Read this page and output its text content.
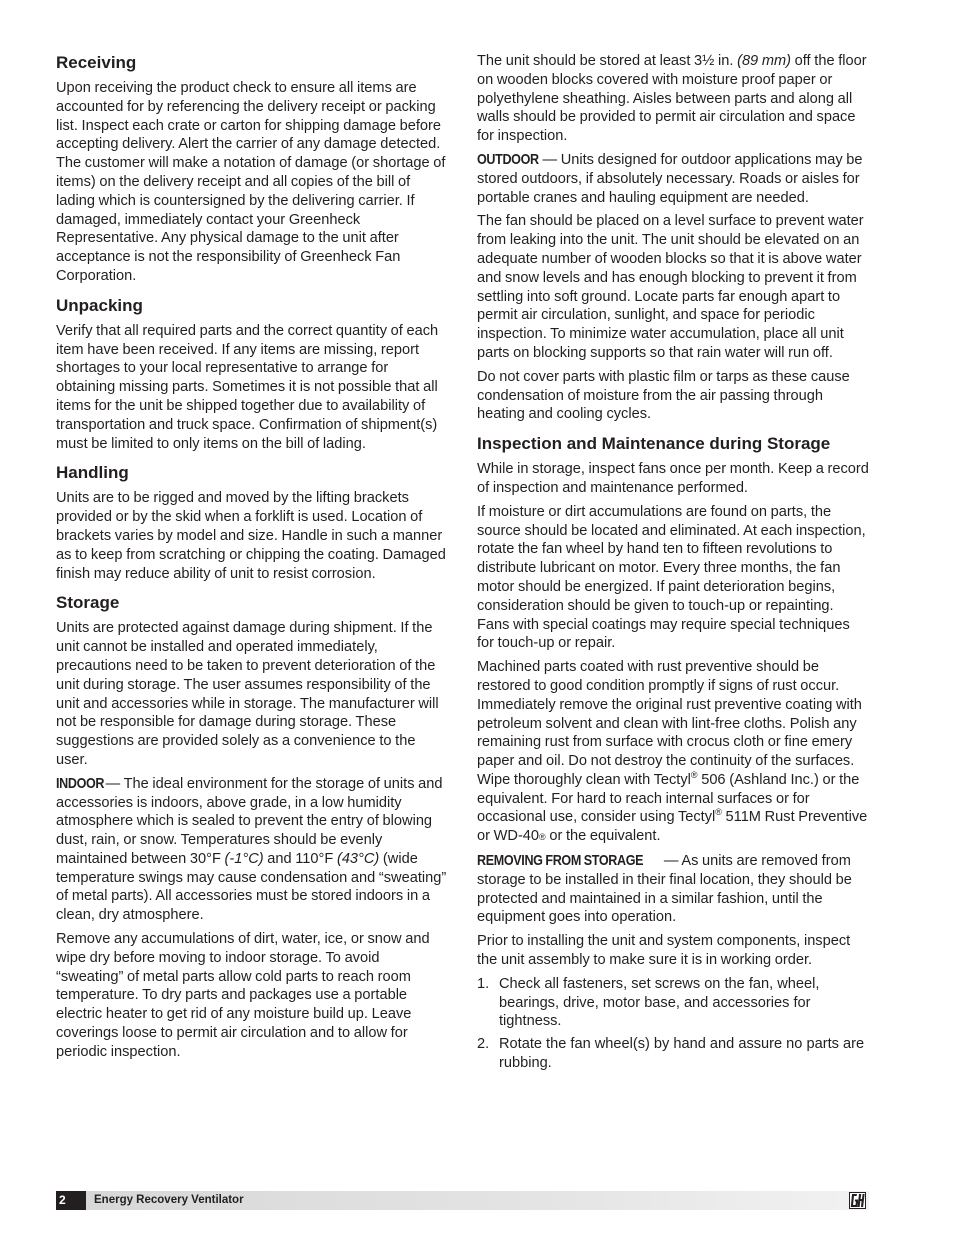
Receiving

Upon receiving the product check to ensure all items are accounted for by referencing the delivery receipt or packing list. Inspect each crate or carton for shipping damage before accepting delivery. Alert the carrier of any damage detected. The customer will make a notation of damage (or shortage of items) on the delivery receipt and all copies of the bill of lading which is countersigned by the delivering carrier. If damaged, immediately contact your Greenheck Representative. Any physical damage to the unit after acceptance is not the responsibility of Greenheck Fan Corporation.

Unpacking

Verify that all required parts and the correct quantity of each item have been received. If any items are missing, report shortages to your local representative to arrange for obtaining missing parts. Sometimes it is not possible that all items for the unit be shipped together due to availability of transportation and truck space. Confirmation of shipment(s) must be limited to only items on the bill of lading.

Handling

Units are to be rigged and moved by the lifting brackets provided or by the skid when a forklift is used. Location of brackets varies by model and size. Handle in such a manner as to keep from scratching or chipping the coating. Damaged finish may reduce ability of unit to resist corrosion.

Storage

Units are protected against damage during shipment. If the unit cannot be installed and operated immediately, precautions need to be taken to prevent deterioration of the unit during storage. The user assumes responsibility of the unit and accessories while in storage. The manufacturer will not be responsible for damage during storage. These suggestions are provided solely as a convenience to the user.

INDOOR — The ideal environment for the storage of units and accessories is indoors, above grade, in a low humidity atmosphere which is sealed to prevent the entry of blowing dust, rain, or snow. Temperatures should be evenly maintained between 30°F (-1°C) and 110°F (43°C) (wide temperature swings may cause condensation and “sweating” of metal parts). All accessories must be stored indoors in a clean, dry atmosphere.

Remove any accumulations of dirt, water, ice, or snow and wipe dry before moving to indoor storage. To avoid “sweating” of metal parts allow cold parts to reach room temperature. To dry parts and packages use a portable electric heater to get rid of any moisture build up. Leave coverings loose to permit air circulation and to allow for periodic inspection.

The unit should be stored at least 3½ in. (89 mm) off the floor on wooden blocks covered with moisture proof paper or polyethylene sheathing. Aisles between parts and along all walls should be provided to permit air circulation and space for inspection.

OUTDOOR — Units designed for outdoor applications may be stored outdoors, if absolutely necessary. Roads or aisles for portable cranes and hauling equipment are needed.

The fan should be placed on a level surface to prevent water from leaking into the unit. The unit should be elevated on an adequate number of wooden blocks so that it is above water and snow levels and has enough blocking to prevent it from settling into soft ground. Locate parts far enough apart to permit air circulation, sunlight, and space for periodic inspection. To minimize water accumulation, place all unit parts on blocking supports so that rain water will run off.

Do not cover parts with plastic film or tarps as these cause condensation of moisture from the air passing through heating and cooling cycles.

Inspection and Maintenance during Storage

While in storage, inspect fans once per month. Keep a record of inspection and maintenance performed.

If moisture or dirt accumulations are found on parts, the source should be located and eliminated. At each inspection, rotate the fan wheel by hand ten to fifteen revolutions to distribute lubricant on motor. Every three months, the fan motor should be energized. If paint deterioration begins, consideration should be given to touch-up or repainting. Fans with special coatings may require special techniques for touch-up or repair.

Machined parts coated with rust preventive should be restored to good condition promptly if signs of rust occur. Immediately remove the original rust preventive coating with petroleum solvent and clean with lint-free cloths. Polish any remaining rust from surface with crocus cloth or fine emery paper and oil. Do not destroy the continuity of the surfaces. Wipe thoroughly clean with Tectyl® 506 (Ashland Inc.) or the equivalent. For hard to reach internal surfaces or for occasional use, consider using Tectyl® 511M Rust Preventive or WD-40® or the equivalent.

REMOVING FROM STORAGE — As units are removed from storage to be installed in their final location, they should be protected and maintained in a similar fashion, until the equipment goes into operation.

Prior to installing the unit and system components, inspect the unit assembly to make sure it is in working order.

1. Check all fasteners, set screws on the fan, wheel, bearings, drive, motor base, and accessories for tightness.
2. Rotate the fan wheel(s) by hand and assure no parts are rubbing.
2	Energy Recovery Ventilator
